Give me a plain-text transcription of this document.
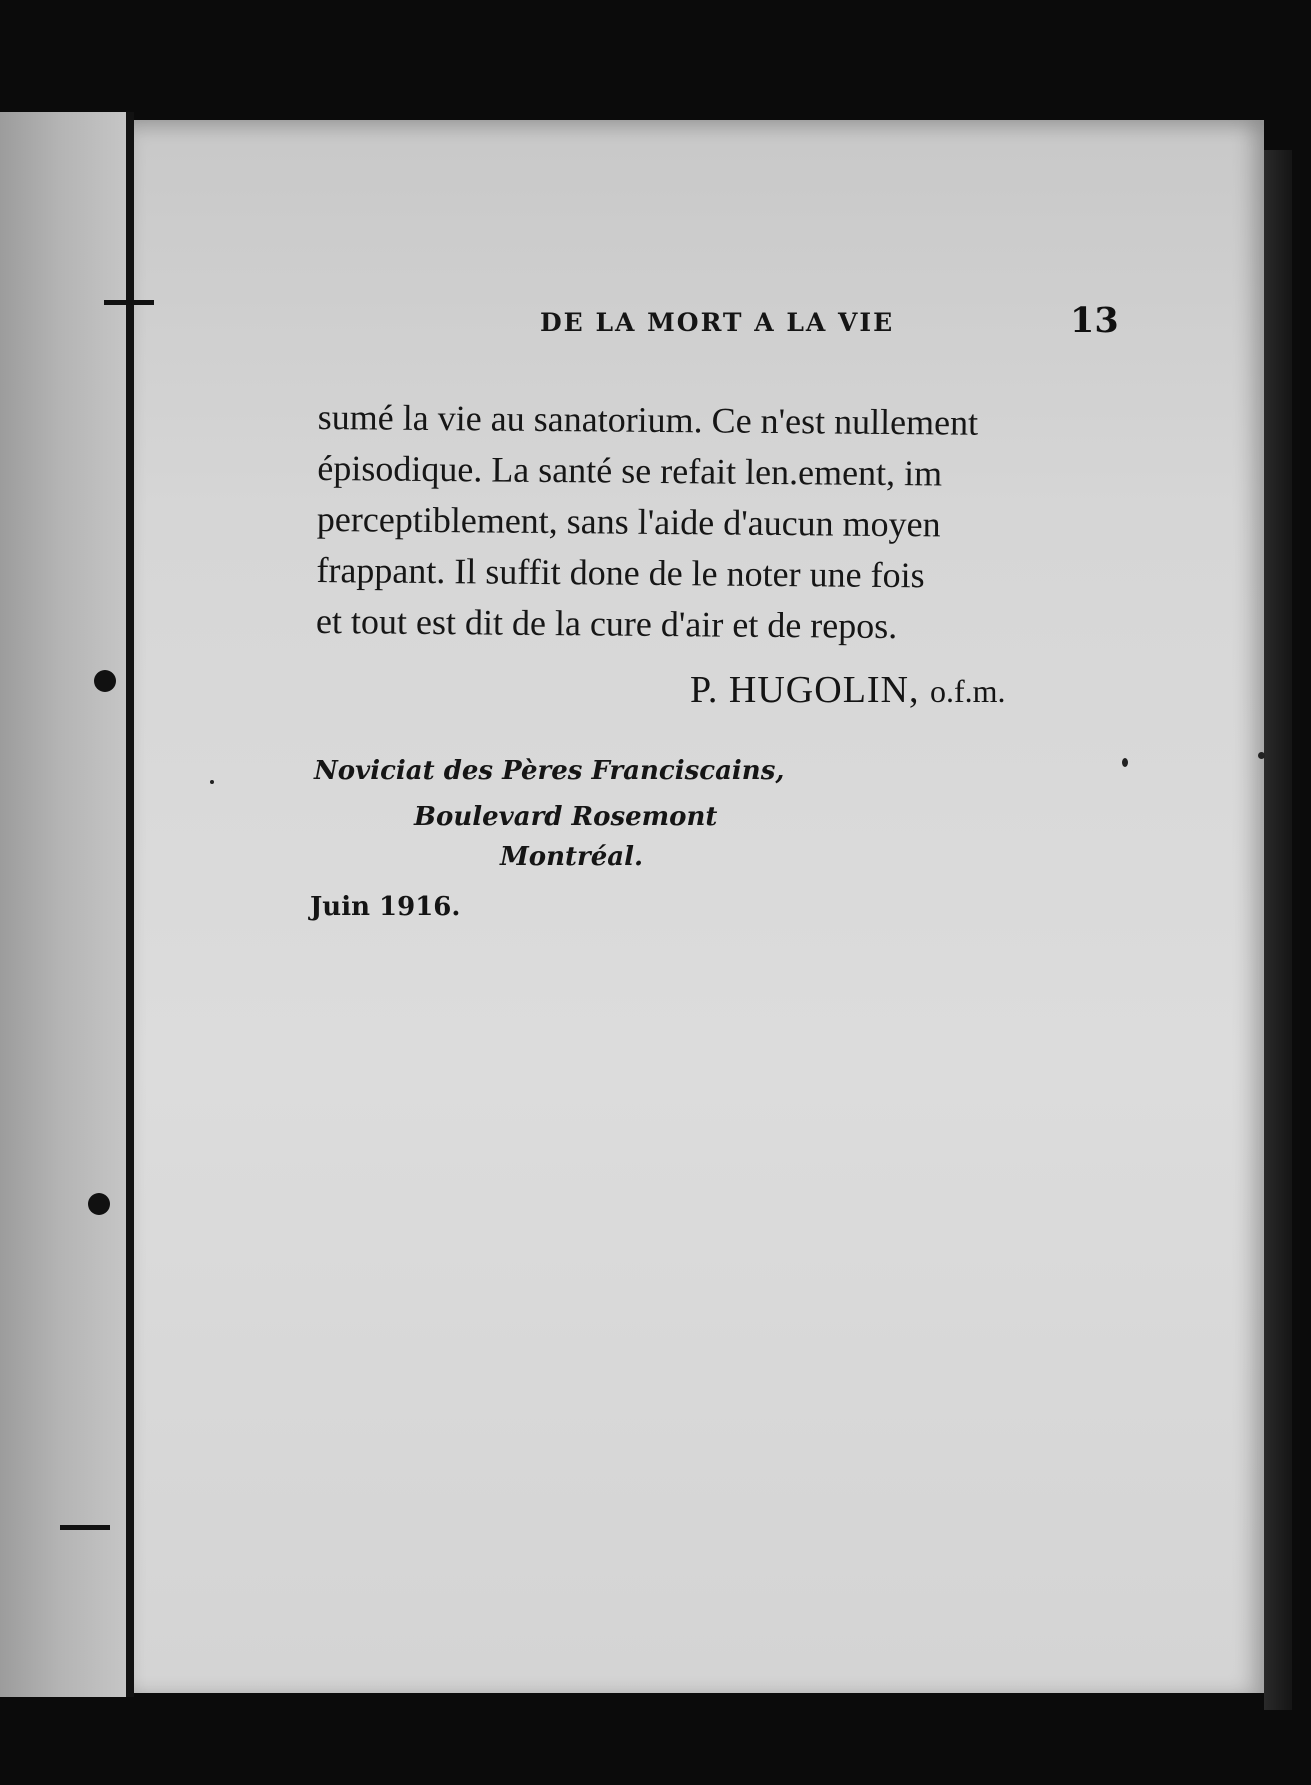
DE LA MORT A LA VIE	13
sumé la vie au sanatorium. Ce n'est nullement
épisodique. La santé se refait len.ement, im
perceptiblement, sans l'aide d'aucun moyen
frappant. Il suffit done de le noter une fois
et tout est dit de la cure d'air et de repos.
P. HUGOLIN, o.f.m.
Noviciat des Pères Franciscains,
Boulevard Rosemont
Montréal.
Juin 1916.
